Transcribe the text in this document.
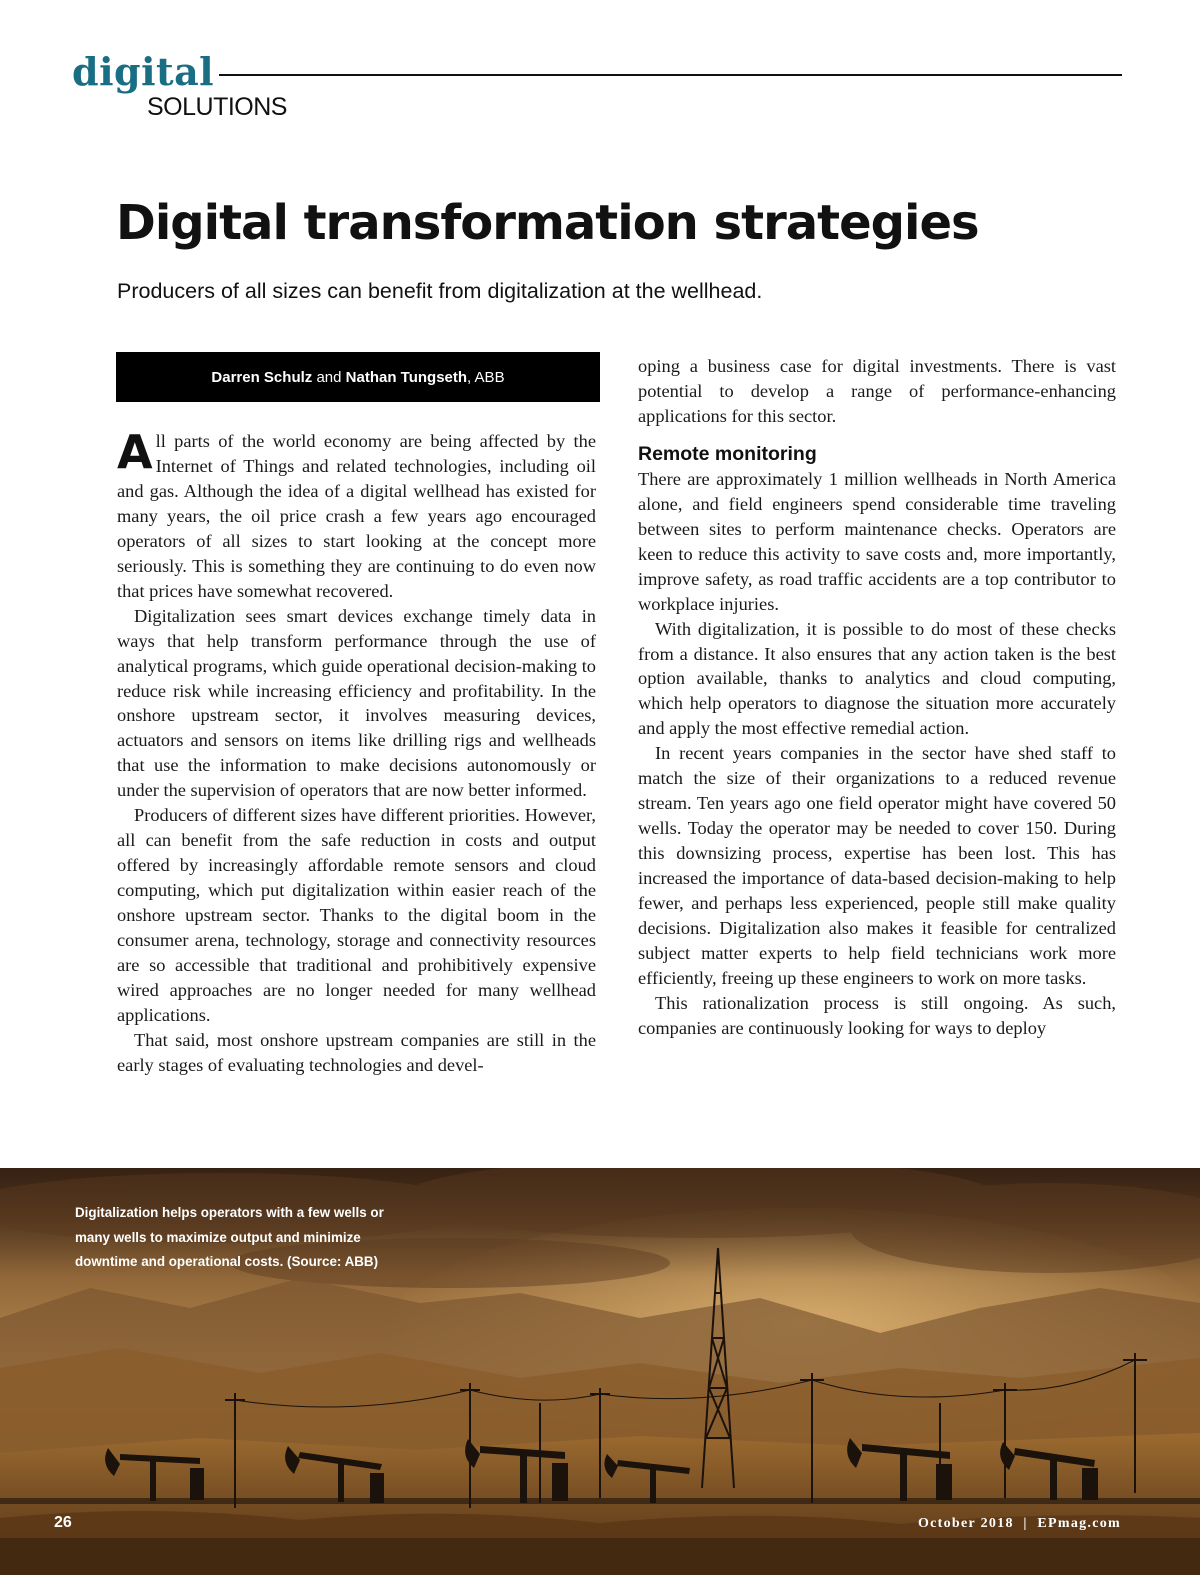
digital
SOLUTIONS
Digital transformation strategies

Producers of all sizes can benefit from digitalization at the wellhead.

Darren Schulz and Nathan Tungseth, ABB

All parts of the world economy are being affected by the Internet of Things and related technologies, including oil and gas. Although the idea of a digital wellhead has existed for many years, the oil price crash a few years ago encouraged operators of all sizes to start looking at the concept more seriously. This is something they are continuing to do even now that prices have somewhat recovered.

Digitalization sees smart devices exchange timely data in ways that help transform performance through the use of analytical programs, which guide operational decision-making to reduce risk while increasing efficiency and profitability. In the onshore upstream sector, it involves measuring devices, actuators and sensors on items like drilling rigs and wellheads that use the information to make decisions autonomously or under the supervision of operators that are now better informed.

Producers of different sizes have different priorities. However, all can benefit from the safe reduction in costs and output offered by increasingly affordable remote sensors and cloud computing, which put digitalization within easier reach of the onshore upstream sector. Thanks to the digital boom in the consumer arena, technology, storage and connectivity resources are so accessible that traditional and prohibitively expensive wired approaches are no longer needed for many wellhead applications.

That said, most onshore upstream companies are still in the early stages of evaluating technologies and devel-

oping a business case for digital investments. There is vast potential to develop a range of performance-enhancing applications for this sector.

Remote monitoring

There are approximately 1 million wellheads in North America alone, and field engineers spend considerable time traveling between sites to perform maintenance checks. Operators are keen to reduce this activity to save costs and, more importantly, improve safety, as road traffic accidents are a top contributor to workplace injuries.

With digitalization, it is possible to do most of these checks from a distance. It also ensures that any action taken is the best option available, thanks to analytics and cloud computing, which help operators to diagnose the situation more accurately and apply the most effective remedial action.

In recent years companies in the sector have shed staff to match the size of their organizations to a reduced revenue stream. Ten years ago one field operator might have covered 50 wells. Today the operator may be needed to cover 150. During this downsizing process, expertise has been lost. This has increased the importance of data-based decision-making to help fewer, and perhaps less experienced, people still make quality decisions. Digitalization also makes it feasible for centralized subject matter experts to help field technicians work more efficiently, freeing up these engineers to work on more tasks.

This rationalization process is still ongoing. As such, companies are continuously looking for ways to deploy

Digitalization helps operators with a few wells or many wells to maximize output and minimize downtime and operational costs. (Source: ABB)
26	October 2018  |  EPmag.com
